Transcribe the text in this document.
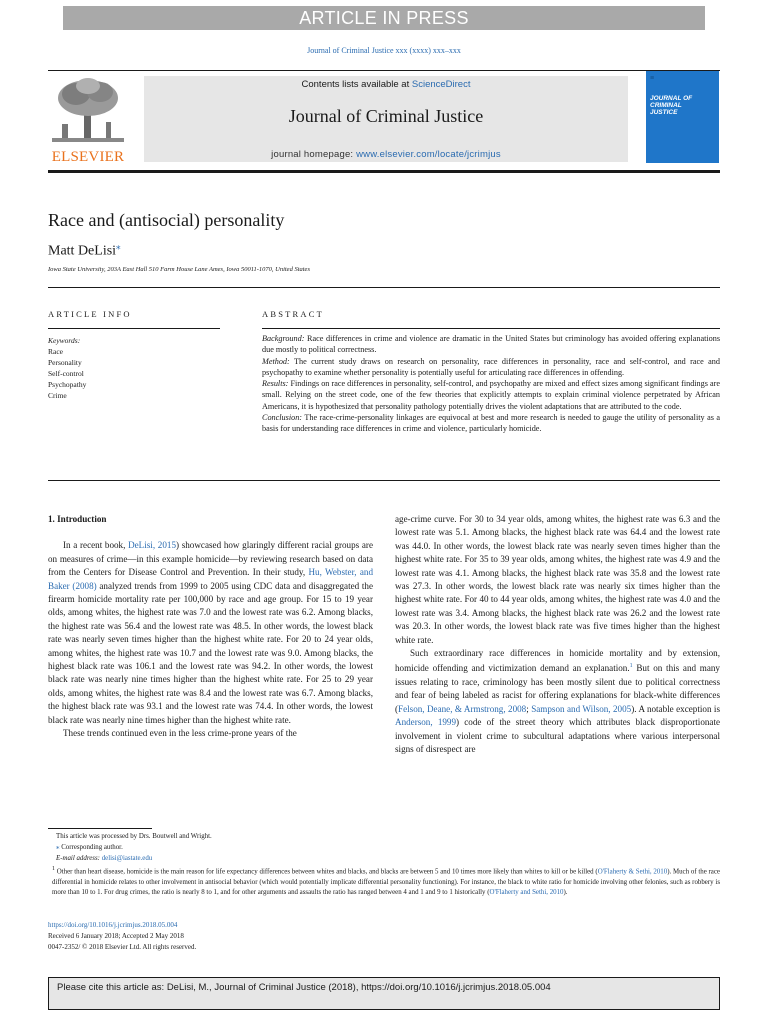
ARTICLE IN PRESS
Journal of Criminal Justice xxx (xxxx) xxx–xxx
ELSEVIER
Contents lists available at ScienceDirect
Journal of Criminal Justice
journal homepage: www.elsevier.com/locate/jcrimjus
≡
JOURNAL OF CRIMINAL JUSTICE
Race and (antisocial) personality
Matt DeLisi⁎
Iowa State University, 203A East Hall 510 Farm House Lane Ames, Iowa 50011-1070, United States
ARTICLE INFO	ABSTRACT
Keywords:
Race
Personality
Self-control
Psychopathy
Crime

Background: Race differences in crime and violence are dramatic in the United States but criminology has avoided offering explanations due mostly to political correctness.

Method: The current study draws on research on personality, race differences in personality, race and self-control, and race and psychopathy to examine whether personality is potentially useful for articulating race differences in offending.

Results: Findings on race differences in personality, self-control, and psychopathy are mixed and effect sizes among significant findings are small. Relying on the street code, one of the few theories that explicitly attempts to explain criminal violence perpetrated by African Americans, it is hypothesized that personality pathology potentially drives the violent adaptations that are attributed to the code.

Conclusion: The race-crime-personality linkages are equivocal at best and more research is needed to gauge the utility of personality as a basis for understanding race differences in crime and violence, particularly homicide.

1. Introduction

In a recent book, DeLisi, 2015) showcased how glaringly different racial groups are on measures of crime—in this example homicide—by reviewing research based on data from the Centers for Disease Control and Prevention. In their study, Hu, Webster, and Baker (2008) analyzed trends from 1999 to 2005 using CDC data and disaggregated the firearm homicide mortality rate per 100,000 by race and age group. For 15 to 19 year olds, among whites, the highest rate was 7.0 and the lowest rate was 6.2. Among blacks, the highest rate was 56.4 and the lowest rate was 48.5. In other words, the lowest black rate was nearly seven times higher than the highest white rate. For 20 to 24 year olds, among whites, the highest rate was 10.7 and the lowest rate was 9.0. Among blacks, the highest black rate was 106.1 and the lowest rate was 94.2. In other words, the lowest black rate was nearly nine times higher than the highest white rate. For 25 to 29 year olds, among whites, the highest rate was 8.4 and the lowest rate was 6.7. Among blacks, the highest black rate was 93.1 and the lowest rate was 74.4. In other words, the lowest black rate was nearly nine times higher than the highest white rate.

These trends continued even in the less crime-prone years of the

age-crime curve. For 30 to 34 year olds, among whites, the highest rate was 6.3 and the lowest rate was 5.1. Among blacks, the highest black rate was 64.4 and the lowest rate was 44.0. In other words, the lowest black rate was nearly seven times higher than the highest white rate. For 35 to 39 year olds, among whites, the highest rate was 4.9 and the lowest rate was 4.1. Among blacks, the highest black rate was 35.8 and the lowest rate was 27.3. In other words, the lowest black rate was nearly six times higher than the highest white rate. For 40 to 44 year olds, among whites, the highest rate was 4.0 and the lowest rate was 3.4. Among blacks, the highest black rate was 26.2 and the lowest rate was 20.3. In other words, the lowest black rate was five times higher than the highest white rate.

Such extraordinary race differences in homicide mortality and by extension, homicide offending and victimization demand an explanation.$^1$ But on this and many issues relating to race, criminology has been mostly silent due to political correctness and fear of being labeled as racist for offering explanations for black-white differences (Felson, Deane, & Armstrong, 2008; Sampson and Wilson, 2005). A notable exception is Anderson, 1999) code of the street theory which attributes black disproportionate involvement in violent crime to subcultural adaptations where various interpersonal signs of disrespect are

This article was processed by Drs. Boutwell and Wright.

⁎ Corresponding author.

E-mail address: delisi@iastate.edu

$^1$ Other than heart disease, homicide is the main reason for life expectancy differences between whites and blacks, and blacks are between 5 and 10 times more likely than whites to kill or be killed (O'Flaherty & Sethi, 2010). Much of the race differential in homicide relates to other involvement in antisocial behavior (which would potentially implicate differential personality functioning). For instance, the black to white ratio for homicide involving other felonies, such as robbery is more than 10 to 1. For drug crimes, the ratio is nearly 8 to 1, and for other arguments and assaults the ratio has ranged between 4 and 1 and 9 to 1 historically (O'Flaherty and Sethi, 2010).

https://doi.org/10.1016/j.jcrimjus.2018.05.004
Received 6 January 2018; Accepted 2 May 2018
0047-2352/ © 2018 Elsevier Ltd. All rights reserved.
Please cite this article as: DeLisi, M., Journal of Criminal Justice (2018), https://doi.org/10.1016/j.jcrimjus.2018.05.004
